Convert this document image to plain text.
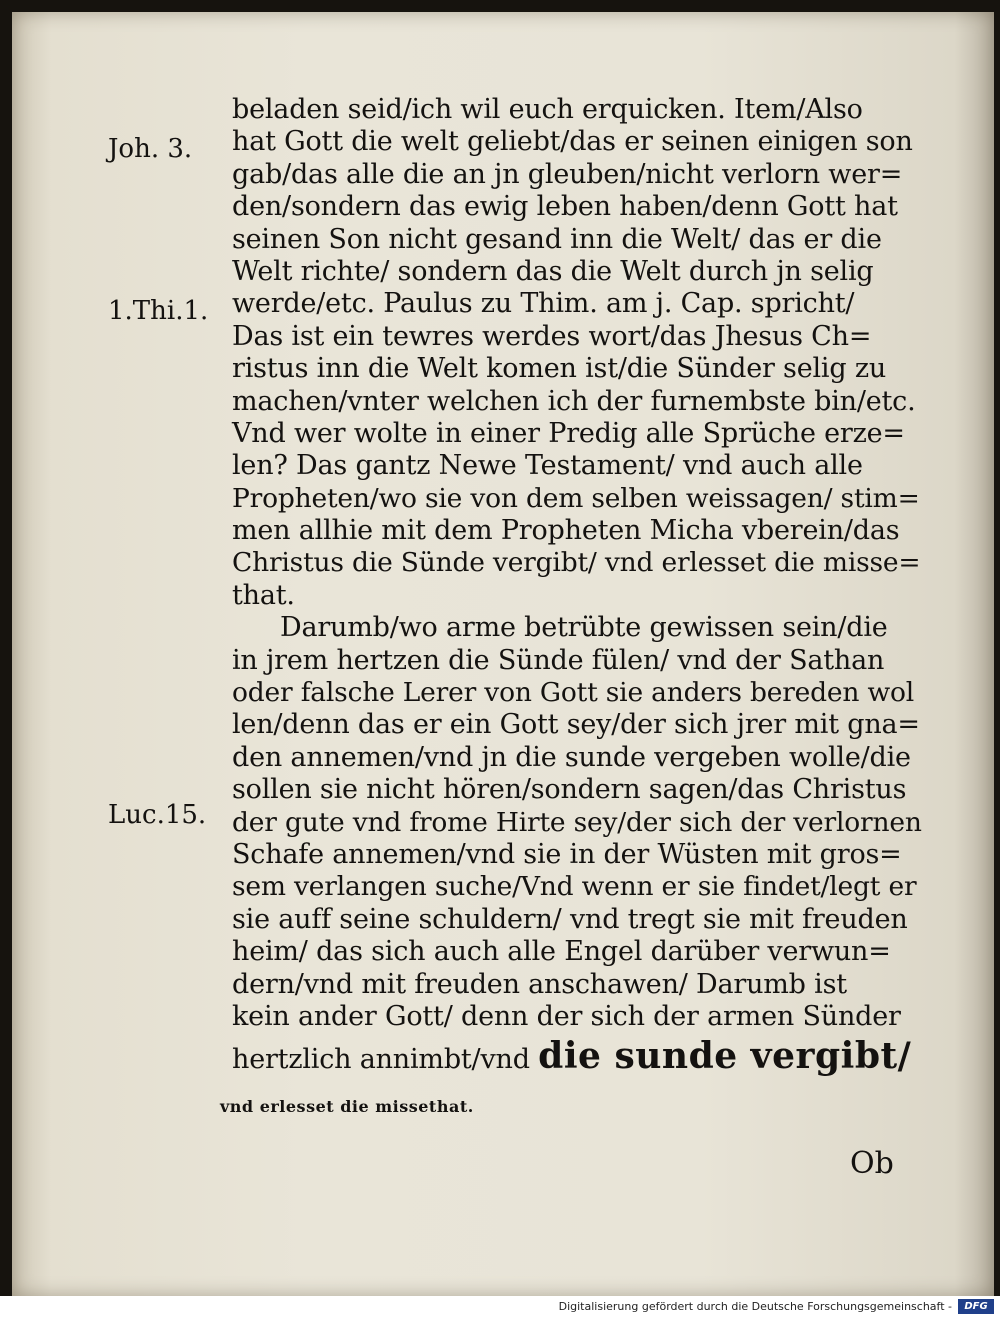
Joh. 3.
1.Thi.1.
Luc.15.
beladen seid/ich wil euch erquicken. Item/Also
hat Gott die welt geliebt/das er seinen einigen son
gab/das alle die an jn gleuben/nicht verlorn wer=
den/sondern das ewig leben haben/denn Gott hat
seinen Son nicht gesand inn die Welt/ das er die
Welt richte/ sondern das die Welt durch jn selig
werde/etc. Paulus zu Thim. am j. Cap. spricht/
Das ist ein tewres werdes wort/das Jhesus Ch=
ristus inn die Welt komen ist/die Sünder selig zu
machen/vnter welchen ich der furnembste bin/etc.
Vnd wer wolte in einer Predig alle Sprüche erze=
len? Das gantz Newe Testament/ vnd auch alle
Propheten/wo sie von dem selben weissagen/ stim=
men allhie mit dem Propheten Micha vberein/das
Christus die Sünde vergibt/ vnd erlesset die misse=
that.
Darumb/wo arme betrübte gewissen sein/die
in jrem hertzen die Sünde fülen/ vnd der Sathan
oder falsche Lerer von Gott sie anders bereden wol
len/denn das er ein Gott sey/der sich jrer mit gna=
den annemen/vnd jn die sunde vergeben wolle/die
sollen sie nicht hören/sondern sagen/das Christus
der gute vnd frome Hirte sey/der sich der verlornen
Schafe annemen/vnd sie in der Wüsten mit gros=
sem verlangen suche/Vnd wenn er sie findet/legt er
sie auff seine schuldern/ vnd tregt sie mit freuden
heim/ das sich auch alle Engel darüber verwun=
dern/vnd mit freuden anschawen/ Darumb ist
kein ander Gott/ denn der sich der armen Sünder
hertzlich annimbt/vnd die sunde vergibt/
vnd erlesset die missethat.
Ob
Digitalisierung gefördert durch die Deutsche Forschungsgemeinschaft -	DFG
